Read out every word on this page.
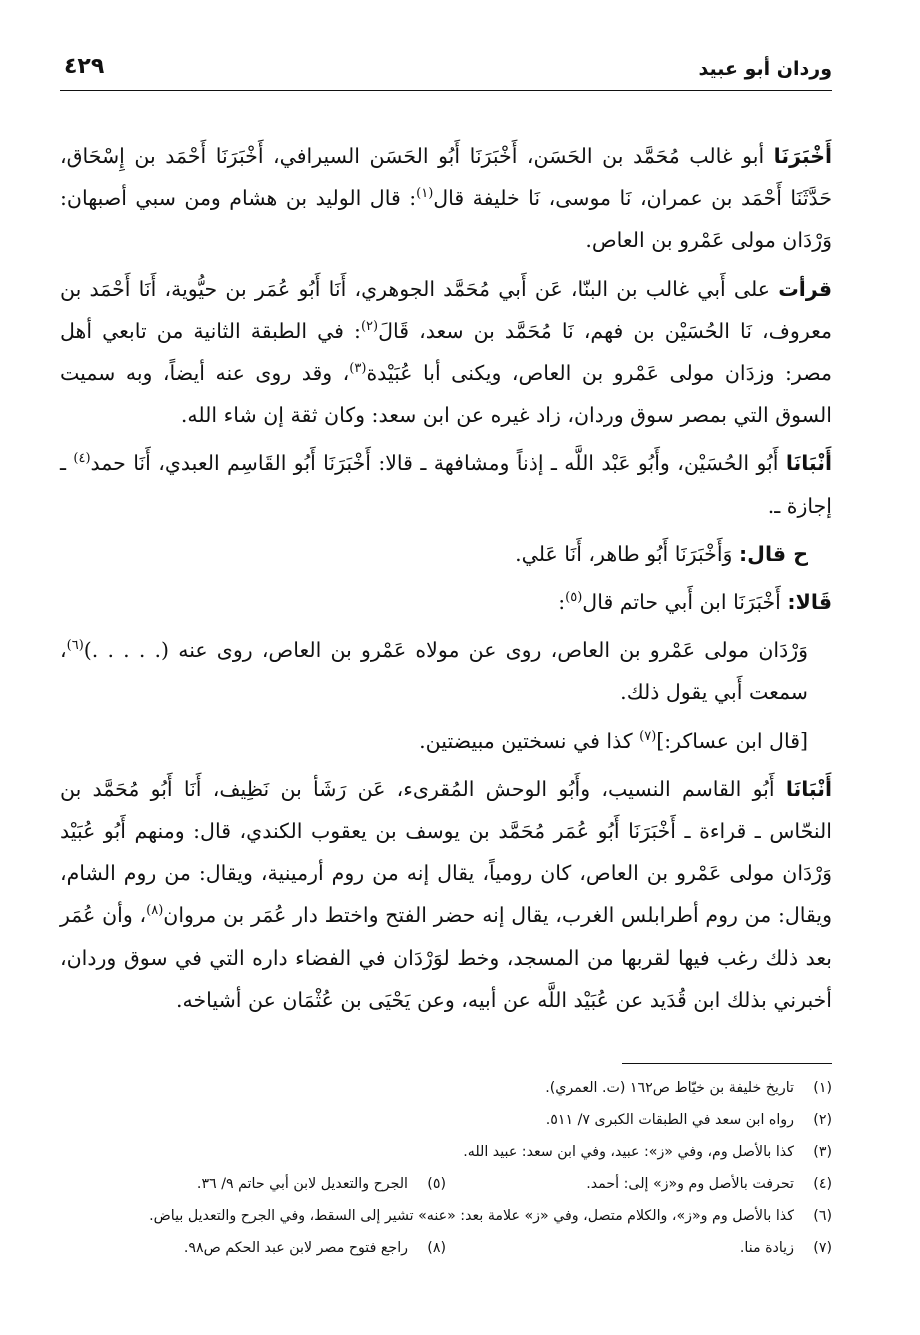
وردان أبو عبيد
٤٢٩

أَخْبَرَنَا أبو غالب مُحَمَّد بن الحَسَن، أَخْبَرَنَا أَبُو الحَسَن السيرافي، أَخْبَرَنَا أَحْمَد بن إِسْحَاق، حَدَّثَنَا أَحْمَد بن عمران، نَا موسى، نَا خليفة قال$^{(١)}$: قال الوليد بن هشام ومن سبي أصبهان: وَرْدَان مولى عَمْرو بن العاص.

قرأت على أَبي غالب بن البنّا، عَن أَبي مُحَمَّد الجوهري، أَنَا أَبُو عُمَر بن حيُّوية، أَنَا أَحْمَد بن معروف، نَا الحُسَيْن بن فهم، نَا مُحَمَّد بن سعد، قَالَ$^{(٢)}$: في الطبقة الثانية من تابعي أهل مصر: وزدَان مولى عَمْرو بن العاص، ويكنى أبا عُبَيْدة$^{(٣)}$، وقد روى عنه أيضاً، وبه سميت السوق التي بمصر سوق وردان، زاد غيره عن ابن سعد: وكان ثقة إن شاء الله.

أَنْبَانَا أَبُو الحُسَيْن، وأَبُو عَبْد اللَّه ـ إذناً ومشافهة ـ قالا: أَخْبَرَنَا أَبُو القَاسِم العبدي، أَنَا حمد$^{(٤)}$ ـ إجازة ـ.

ح قال: وَأَخْبَرَنَا أَبُو طاهر، أَنَا عَلي.

قَالا: أَخْبَرَنَا ابن أَبي حاتم قال$^{(٥)}$:

وَرْدَان مولى عَمْرو بن العاص، روى عن مولاه عَمْرو بن العاص، روى عنه (. . . . .)$^{(٦)}$، سمعت أَبي يقول ذلك.

[قال ابن عساكر:]$^{(٧)}$ كذا في نسختين مبيضتين.

أَنْبَانَا أَبُو القاسم النسيب، وأَبُو الوحش المُقرىء، عَن رَشَأ بن نَظِيف، أَنَا أَبُو مُحَمَّد بن النحّاس ـ قراءة ـ أَخْبَرَنَا أَبُو عُمَر مُحَمَّد بن يوسف بن يعقوب الكندي، قال: ومنهم أَبُو عُبَيْد وَرْدَان مولى عَمْرو بن العاص، كان رومياً، يقال إنه من روم أرمينية، ويقال: من روم الشام، ويقال: من روم أطرابلس الغرب، يقال إنه حضر الفتح واختط دار عُمَر بن مروان$^{(٨)}$، وأن عُمَر بعد ذلك رغب فيها لقربها من المسجد، وخط لوَرْدَان في الفضاء داره التي في سوق وردان، أخبرني بذلك ابن قُدَيد عن عُبَيْد اللَّه عن أبيه، وعن يَحْيَى بن عُثْمَان عن أشياخه.

(١)
تاريخ خليفة بن خيّاط ص١٦٢ (ت. العمري).
(٢)
رواه ابن سعد في الطبقات الكبرى ٧/ ٥١١.
(٣)
كذا بالأصل وم، وفي «ز»: عبيد، وفي ابن سعد: عبيد الله.
(٤)
تحرفت بالأصل وم و«ز» إلى: أحمد.
(٥)
الجرح والتعديل لابن أبي حاتم ٩/ ٣٦.
(٦)
كذا بالأصل وم و«ز»، والكلام متصل، وفي «ز» علامة بعد: «عنه» تشير إلى السقط، وفي الجرح والتعديل بياض.
(٧)
زيادة منا.
(٨)
راجع فتوح مصر لابن عبد الحكم ص٩٨.
